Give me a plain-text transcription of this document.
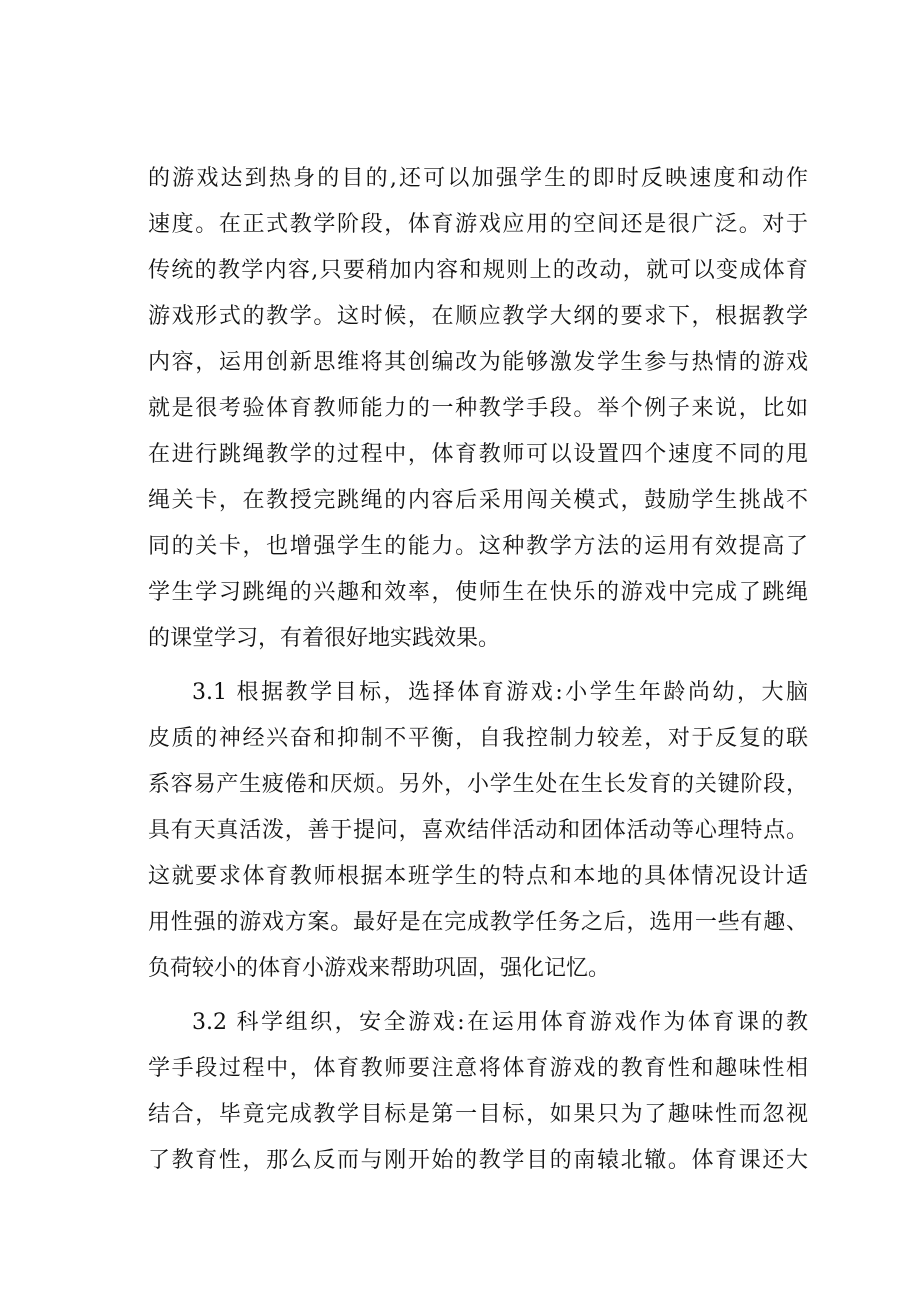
的游戏达到热身的目的,还可以加强学生的即时反映速度和动作
速度。在正式教学阶段，体育游戏应用的空间还是很广泛。对于
传统的教学内容,只要稍加内容和规则上的改动，就可以变成体育
游戏形式的教学。这时候，在顺应教学大纲的要求下，根据教学
内容，运用创新思维将其创编改为能够激发学生参与热情的游戏
就是很考验体育教师能力的一种教学手段。举个例子来说，比如
在进行跳绳教学的过程中，体育教师可以设置四个速度不同的甩
绳关卡，在教授完跳绳的内容后采用闯关模式，鼓励学生挑战不
同的关卡，也增强学生的能力。这种教学方法的运用有效提高了
学生学习跳绳的兴趣和效率，使师生在快乐的游戏中完成了跳绳
的课堂学习，有着很好地实践效果。
3.1 根据教学目标，选择体育游戏:小学生年龄尚幼，大脑
皮质的神经兴奋和抑制不平衡，自我控制力较差，对于反复的联
系容易产生疲倦和厌烦。另外，小学生处在生长发育的关键阶段，
具有天真活泼，善于提问，喜欢结伴活动和团体活动等心理特点。
这就要求体育教师根据本班学生的特点和本地的具体情况设计适
用性强的游戏方案。最好是在完成教学任务之后，选用一些有趣、
负荷较小的体育小游戏来帮助巩固，强化记忆。
3.2 科学组织，安全游戏:在运用体育游戏作为体育课的教
学手段过程中，体育教师要注意将体育游戏的教育性和趣味性相
结合，毕竟完成教学目标是第一目标，如果只为了趣味性而忽视
了教育性，那么反而与刚开始的教学目的南辕北辙。体育课还大
